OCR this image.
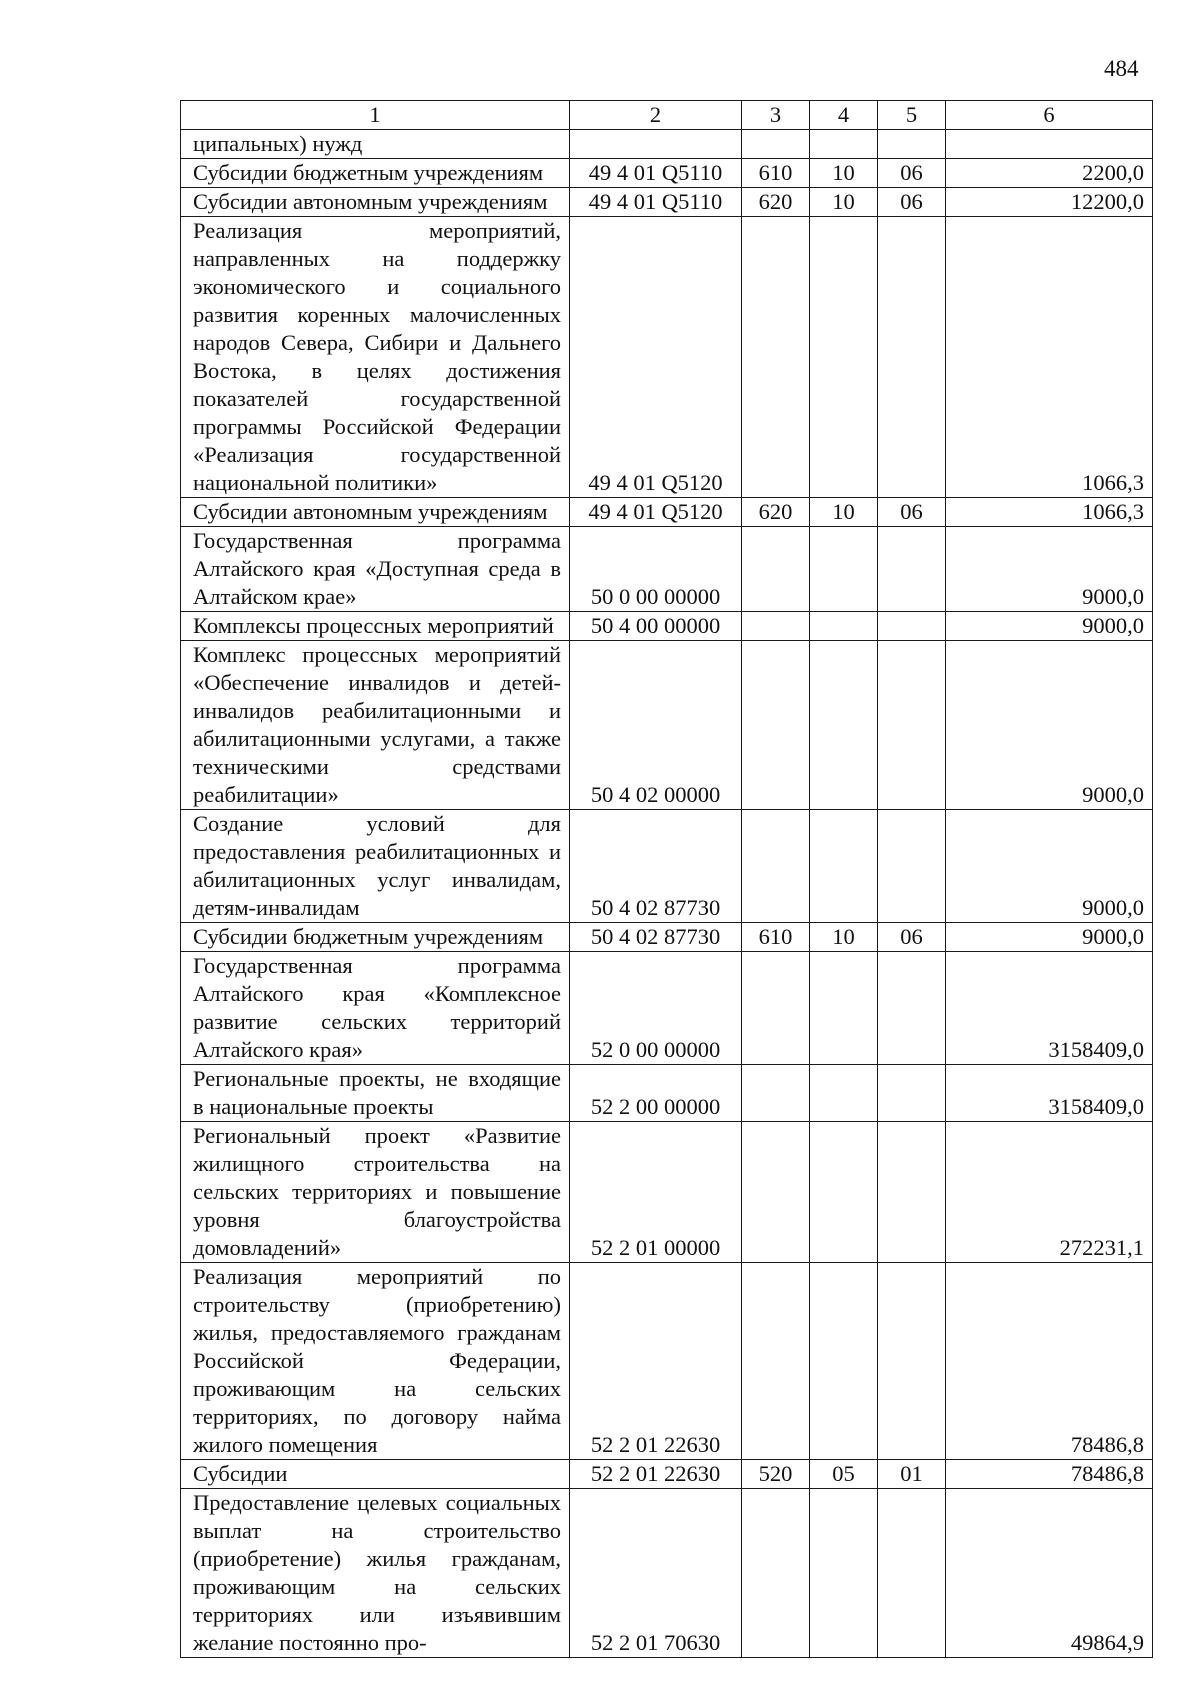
484
1	2	3	4	5	6
ципальных) нужд					
Субсидии бюджетным учреждениям	49 4 01 Q5110	610	10	06	2200,0
Субсидии автономным учреждениям	49 4 01 Q5110	620	10	06	12200,0
Реализация мероприятий, направленных на поддержку экономического и социального развития коренных малочисленных народов Севера, Сибири и Дальнего Востока, в целях достижения показателей государственной программы Российской Федерации «Реализация государственной национальной политики»	49 4 01 Q5120				1066,3
Субсидии автономным учреждениям	49 4 01 Q5120	620	10	06	1066,3
Государственная программа Алтайского края «Доступная среда в Алтайском крае»	50 0 00 00000				9000,0
Комплексы процессных мероприятий	50 4 00 00000				9000,0
Комплекс процессных мероприятий «Обеспечение инвалидов и детей-инвалидов реабилитационными и абилитационными услугами, а также техническими средствами реабилитации»	50 4 02 00000				9000,0
Создание условий для предоставления реабилитационных и абилитационных услуг инвалидам, детям-инвалидам	50 4 02 87730				9000,0
Субсидии бюджетным учреждениям	50 4 02 87730	610	10	06	9000,0
Государственная программа Алтайского края «Комплексное развитие сельских территорий Алтайского края»	52 0 00 00000				3158409,0
Региональные проекты, не входящие в национальные проекты	52 2 00 00000				3158409,0
Региональный проект «Развитие жилищного строительства на сельских территориях и повышение уровня благоустройства домовладений»	52 2 01 00000				272231,1
Реализация мероприятий по строительству (приобретению) жилья, предоставляемого гражданам Российской Федерации, проживающим на сельских территориях, по договору найма жилого помещения	52 2 01 22630				78486,8
Субсидии	52 2 01 22630	520	05	01	78486,8
Предоставление целевых социальных выплат на строительство (приобретение) жилья гражданам, проживающим на сельских территориях или изъявившим желание постоянно про-	52 2 01 70630				49864,9
